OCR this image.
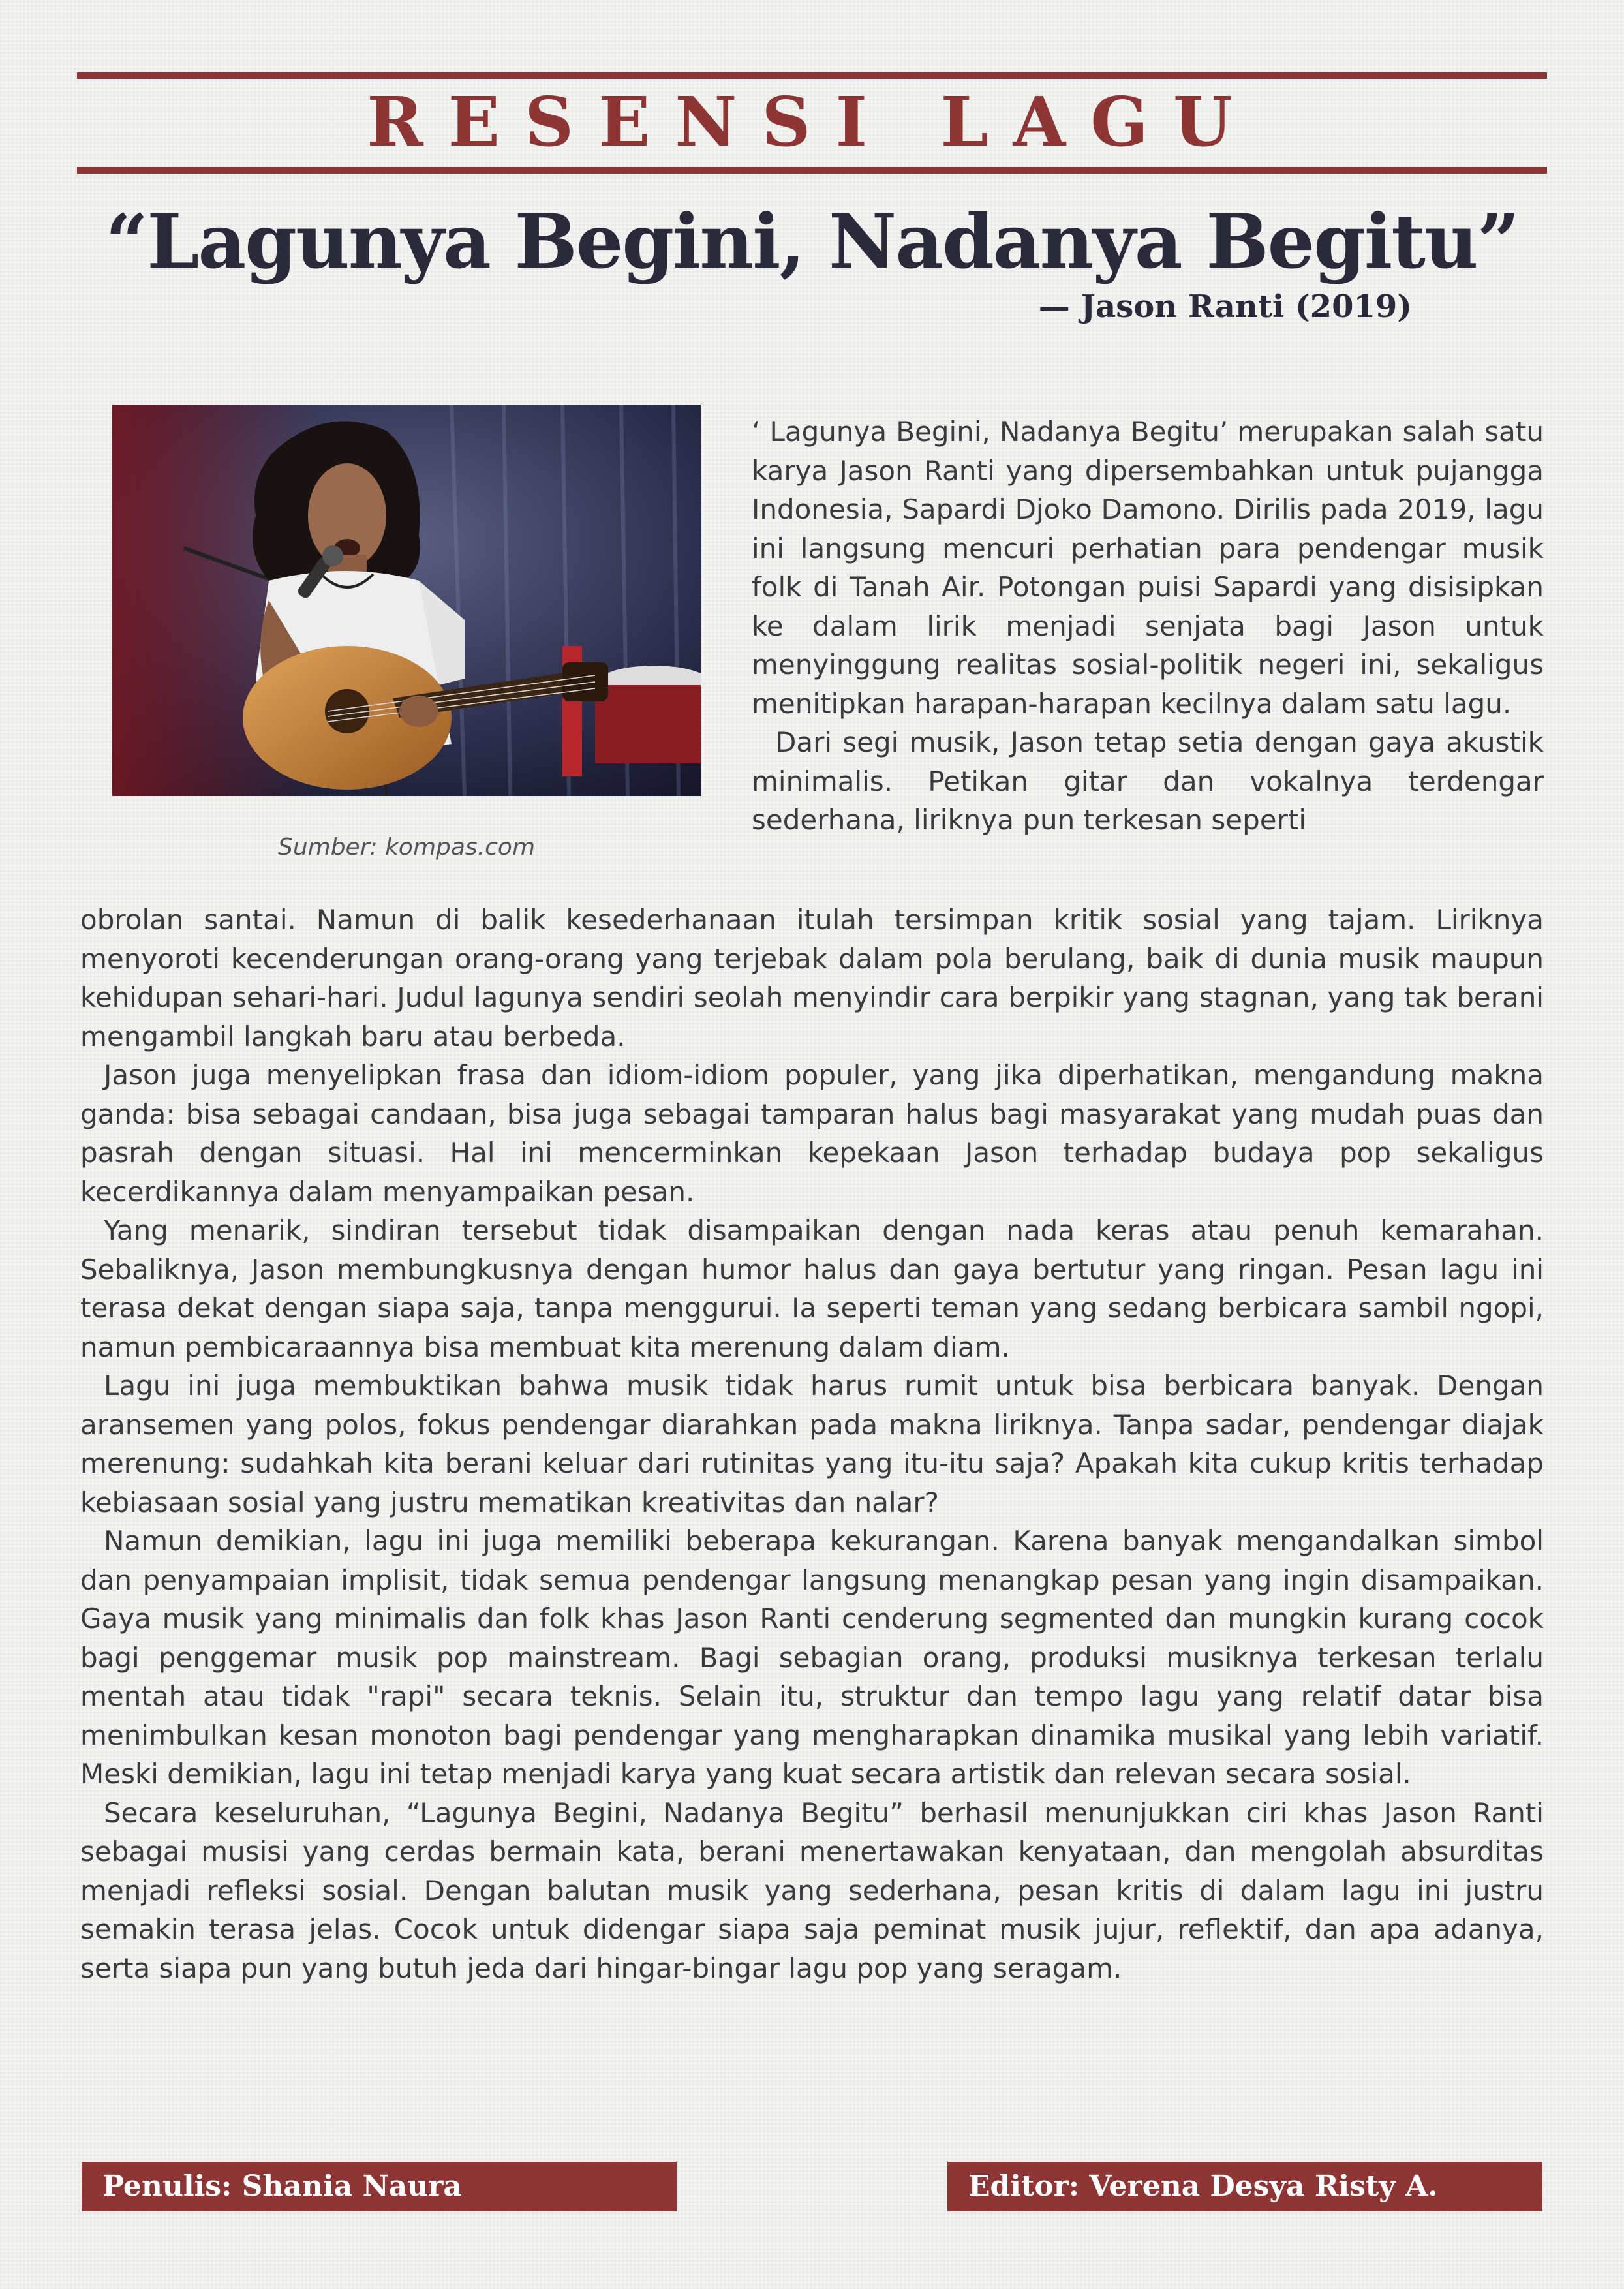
RESENSI LAGU
“Lagunya Begini, Nadanya Begitu”
— Jason Ranti (2019)
Sumber: kompas.com

‘ Lagunya Begini, Nadanya Begitu’ merupakan salah satu karya Jason Ranti yang dipersembahkan untuk pujangga Indonesia, Sapardi Djoko Damono. Dirilis pada 2019, lagu ini langsung mencuri perhatian para pendengar musik folk di Tanah Air. Potongan puisi Sapardi yang disisipkan ke dalam lirik menjadi senjata bagi Jason untuk menyinggung realitas sosial-politik negeri ini, sekaligus menitipkan harapan-harapan kecilnya dalam satu lagu.

Dari segi musik, Jason tetap setia dengan gaya akustik minimalis. Petikan gitar dan vokalnya terdengar sederhana, liriknya pun terkesan seperti

obrolan santai. Namun di balik kesederhanaan itulah tersimpan kritik sosial yang tajam. Liriknya menyoroti kecenderungan orang-orang yang terjebak dalam pola berulang, baik di dunia musik maupun kehidupan sehari-hari. Judul lagunya sendiri seolah menyindir cara berpikir yang stagnan, yang tak berani mengambil langkah baru atau berbeda.

Jason juga menyelipkan frasa dan idiom-idiom populer, yang jika diperhatikan, mengandung makna ganda: bisa sebagai candaan, bisa juga sebagai tamparan halus bagi masyarakat yang mudah puas dan pasrah dengan situasi. Hal ini mencerminkan kepekaan Jason terhadap budaya pop sekaligus kecerdikannya dalam menyampaikan pesan.

Yang menarik, sindiran tersebut tidak disampaikan dengan nada keras atau penuh kemarahan. Sebaliknya, Jason membungkusnya dengan humor halus dan gaya bertutur yang ringan. Pesan lagu ini terasa dekat dengan siapa saja, tanpa menggurui. Ia seperti teman yang sedang berbicara sambil ngopi, namun pembicaraannya bisa membuat kita merenung dalam diam.

Lagu ini juga membuktikan bahwa musik tidak harus rumit untuk bisa berbicara banyak. Dengan aransemen yang polos, fokus pendengar diarahkan pada makna liriknya. Tanpa sadar, pendengar diajak merenung: sudahkah kita berani keluar dari rutinitas yang itu-itu saja? Apakah kita cukup kritis terhadap kebiasaan sosial yang justru mematikan kreativitas dan nalar?

Namun demikian, lagu ini juga memiliki beberapa kekurangan. Karena banyak mengandalkan simbol dan penyampaian implisit, tidak semua pendengar langsung menangkap pesan yang ingin disampaikan. Gaya musik yang minimalis dan folk khas Jason Ranti cenderung segmented dan mungkin kurang cocok bagi penggemar musik pop mainstream. Bagi sebagian orang, produksi musiknya terkesan terlalu mentah atau tidak "rapi" secara teknis. Selain itu, struktur dan tempo lagu yang relatif datar bisa menimbulkan kesan monoton bagi pendengar yang mengharapkan dinamika musikal yang lebih variatif. Meski demikian, lagu ini tetap menjadi karya yang kuat secara artistik dan relevan secara sosial.

Secara keseluruhan, “Lagunya Begini, Nadanya Begitu” berhasil menunjukkan ciri khas Jason Ranti sebagai musisi yang cerdas bermain kata, berani menertawakan kenyataan, dan mengolah absurditas menjadi refleksi sosial. Dengan balutan musik yang sederhana, pesan kritis di dalam lagu ini justru semakin terasa jelas. Cocok untuk didengar siapa saja peminat musik jujur, reflektif, dan apa adanya, serta siapa pun yang butuh jeda dari hingar-bingar lagu pop yang seragam.

Penulis: Shania Naura	Editor: Verena Desya Risty A.
